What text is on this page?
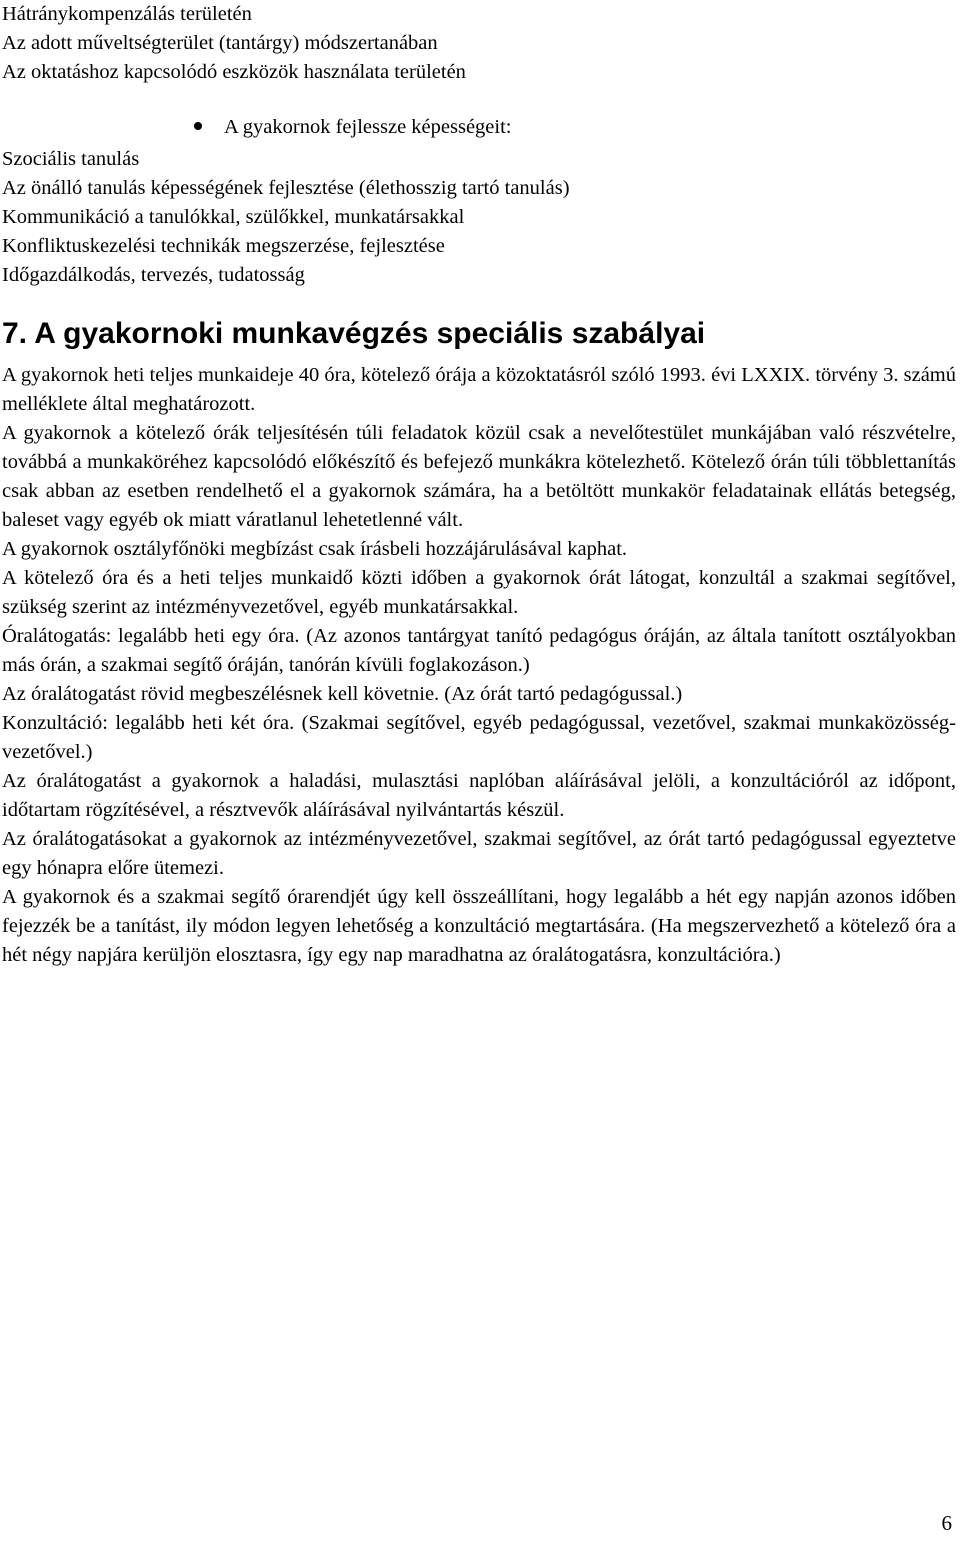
Hátránykompenzálás területén
Az adott műveltségterület (tantárgy) módszertanában
Az oktatáshoz kapcsolódó eszközök használata területén
A gyakornok fejlessze képességeit:
Szociális tanulás
Az önálló tanulás képességének fejlesztése (élethosszig tartó tanulás)
Kommunikáció a tanulókkal, szülőkkel, munkatársakkal
Konfliktuskezelési technikák megszerzése, fejlesztése
Időgazdálkodás, tervezés, tudatosság
7. A gyakornoki munkavégzés speciális szabályai
A gyakornok heti teljes munkaideje 40 óra, kötelező órája a közoktatásról szóló 1993. évi LXXIX. törvény 3. számú melléklete által meghatározott.
A gyakornok a kötelező órák teljesítésén túli feladatok közül csak a nevelőtestület munkájában való részvételre, továbbá a munkaköréhez kapcsolódó előkészítő és befejező munkákra kötelezhető. Kötelező órán túli többlettanítás csak abban az esetben rendelhető el a gyakornok számára, ha a betöltött munkakör feladatainak ellátás betegség, baleset vagy egyéb ok miatt váratlanul lehetetlenné vált.
A gyakornok osztályfőnöki megbízást csak írásbeli hozzájárulásával kaphat.
A kötelező óra és a heti teljes munkaidő közti időben a gyakornok órát látogat, konzultál a szakmai segítővel, szükség szerint az intézményvezetővel, egyéb munkatársakkal.
Óralátogatás: legalább heti egy óra. (Az azonos tantárgyat tanító pedagógus óráján, az általa tanított osztályokban más órán, a szakmai segítő óráján, tanórán kívüli foglakozáson.)
Az óralátogatást rövid megbeszélésnek kell követnie. (Az órát tartó pedagógussal.)
Konzultáció: legalább heti két óra. (Szakmai segítővel, egyéb pedagógussal, vezetővel, szakmai munkaközösség-vezetővel.)
Az óralátogatást a gyakornok a haladási, mulasztási naplóban aláírásával jelöli, a konzultációról az időpont, időtartam rögzítésével, a résztvevők aláírásával nyilvántartás készül.
Az óralátogatásokat a gyakornok az intézményvezetővel, szakmai segítővel, az órát tartó pedagógussal egyeztetve egy hónapra előre ütemezi.
A gyakornok és a szakmai segítő órarendjét úgy kell összeállítani, hogy legalább a hét egy napján azonos időben fejezzék be a tanítást, ily módon legyen lehetőség a konzultáció megtartására. (Ha megszervezhető a kötelező óra a hét négy napjára kerüljön elosztasra, így egy nap maradhatna az óralátogatásra, konzultációra.)
6
